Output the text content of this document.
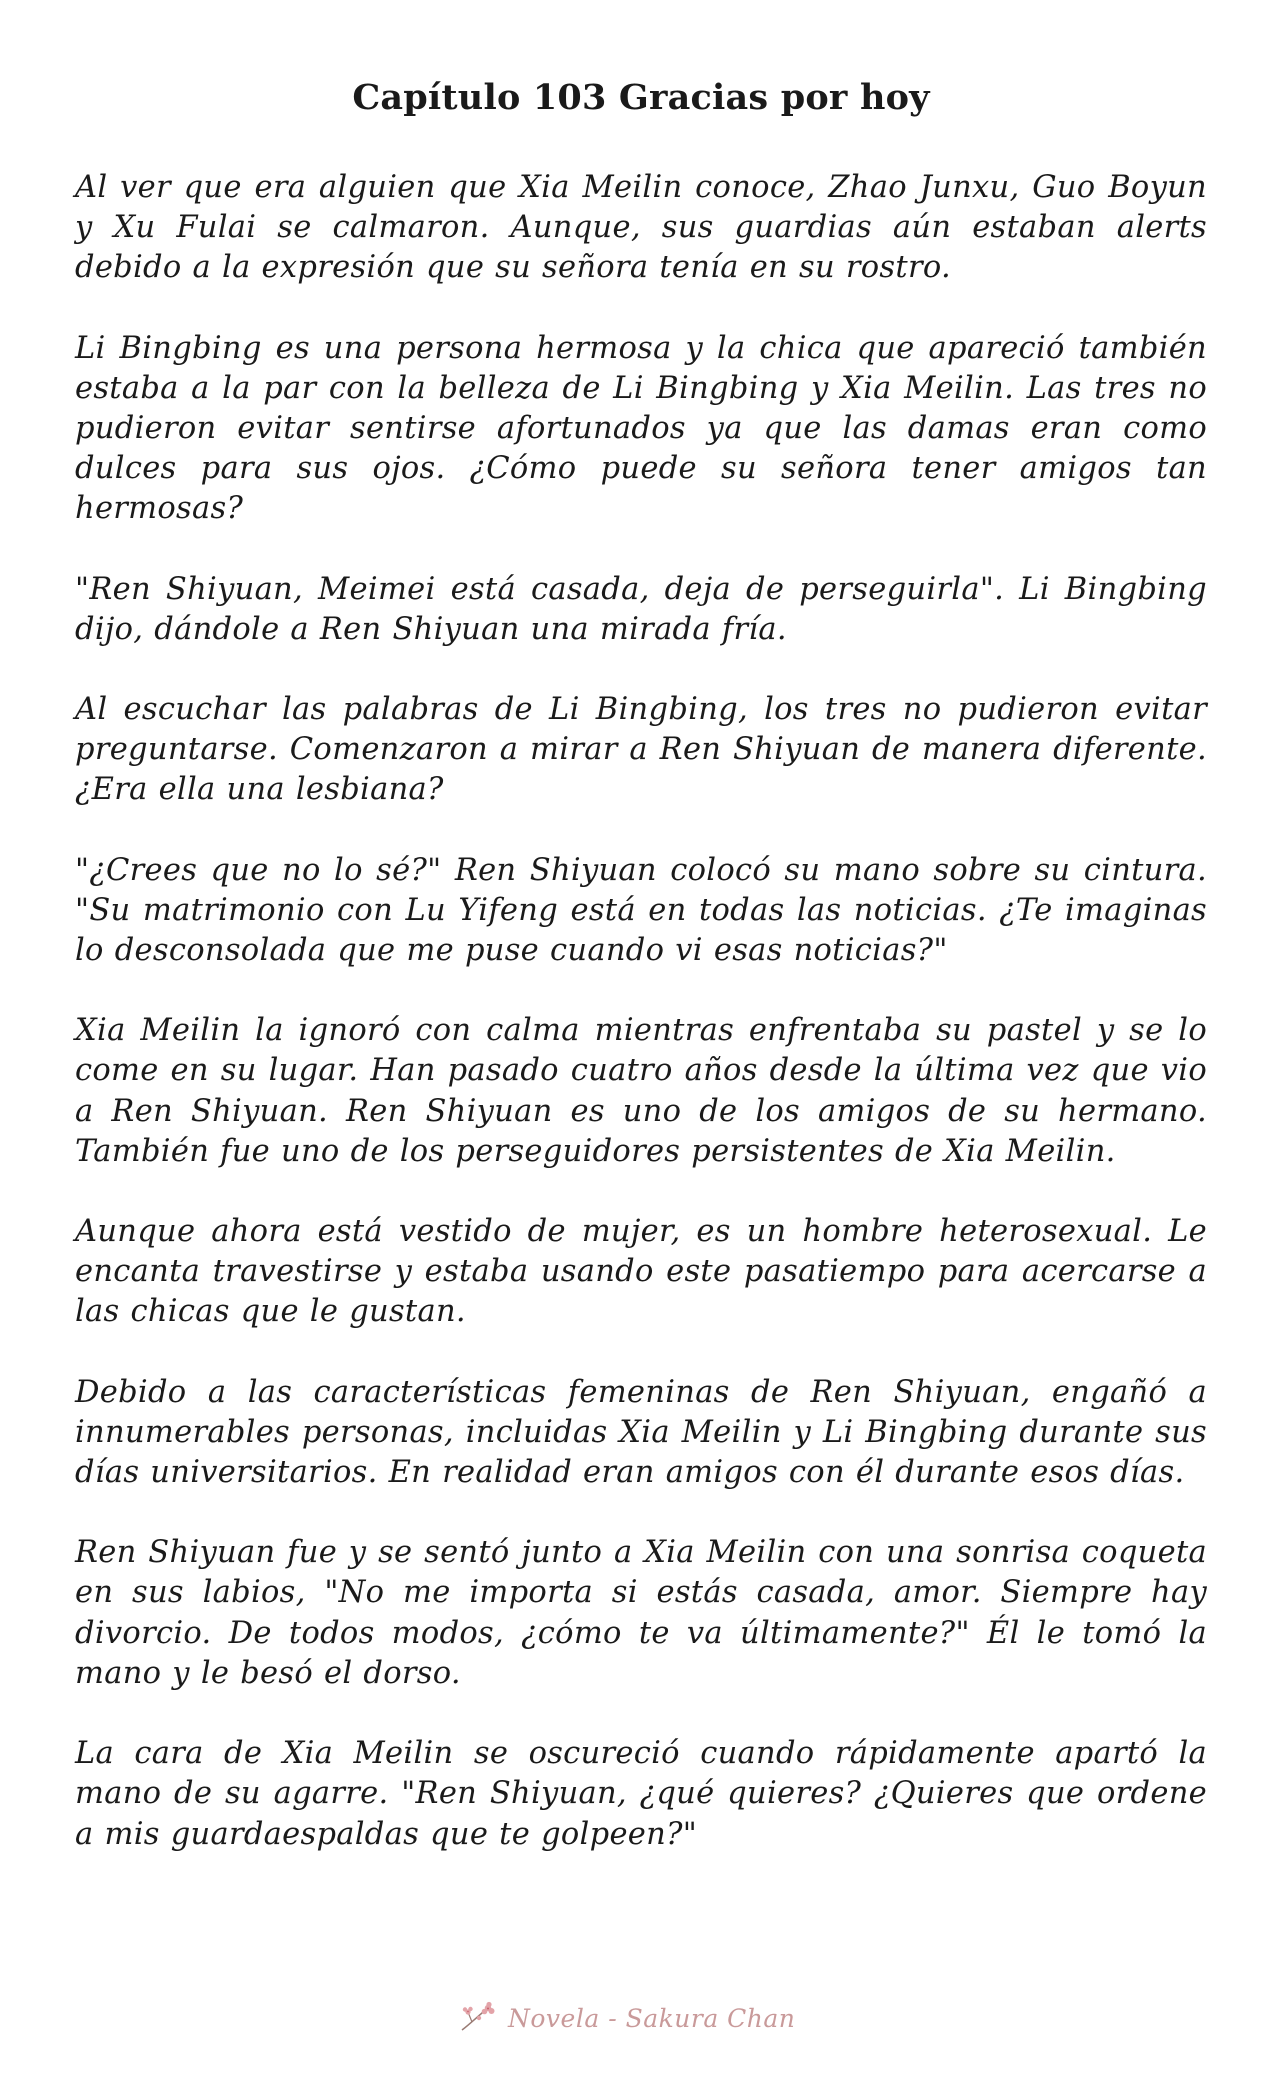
Capítulo 103 Gracias por hoy

Al ver que era alguien que Xia Meilin conoce, Zhao Junxu, Guo Boyun y Xu Fulai se calmaron. Aunque, sus guardias aún estaban alerts debido a la expresión que su señora tenía en su rostro.

Li Bingbing es una persona hermosa y la chica que apareció también estaba a la par con la belleza de Li Bingbing y Xia Meilin. Las tres no pudieron evitar sentirse afortunados ya que las damas eran como dulces para sus ojos. ¿Cómo puede su señora tener amigos tan hermosas?

"Ren Shiyuan, Meimei está casada, deja de perseguirla". Li Bingbing dijo, dándole a Ren Shiyuan una mirada fría.

Al escuchar las palabras de Li Bingbing, los tres no pudieron evitar preguntarse. Comenzaron a mirar a Ren Shiyuan de manera diferente. ¿Era ella una lesbiana?

"¿Crees que no lo sé?" Ren Shiyuan colocó su mano sobre su cintura. "Su matrimonio con Lu Yifeng está en todas las noticias. ¿Te imaginas lo desconsolada que me puse cuando vi esas noticias?"

Xia Meilin la ignoró con calma mientras enfrentaba su pastel y se lo come en su lugar. Han pasado cuatro años desde la última vez que vio a Ren Shiyuan. Ren Shiyuan es uno de los amigos de su hermano. También fue uno de los perseguidores persistentes de Xia Meilin.

Aunque ahora está vestido de mujer, es un hombre heterosexual. Le encanta travestirse y estaba usando este pasatiempo para acercarse a las chicas que le gustan.

Debido a las características femeninas de Ren Shiyuan, engañó a innumerables personas, incluidas Xia Meilin y Li Bingbing durante sus días universitarios. En realidad eran amigos con él durante esos días.

Ren Shiyuan fue y se sentó junto a Xia Meilin con una sonrisa coqueta en sus labios, "No me importa si estás casada, amor. Siempre hay divorcio. De todos modos, ¿cómo te va últimamente?" Él le tomó la mano y le besó el dorso.

La cara de Xia Meilin se oscureció cuando rápidamente apartó la mano de su agarre. "Ren Shiyuan, ¿qué quieres? ¿Quieres que ordene a mis guardaespaldas que te golpeen?"

Novela - Sakura Chan
